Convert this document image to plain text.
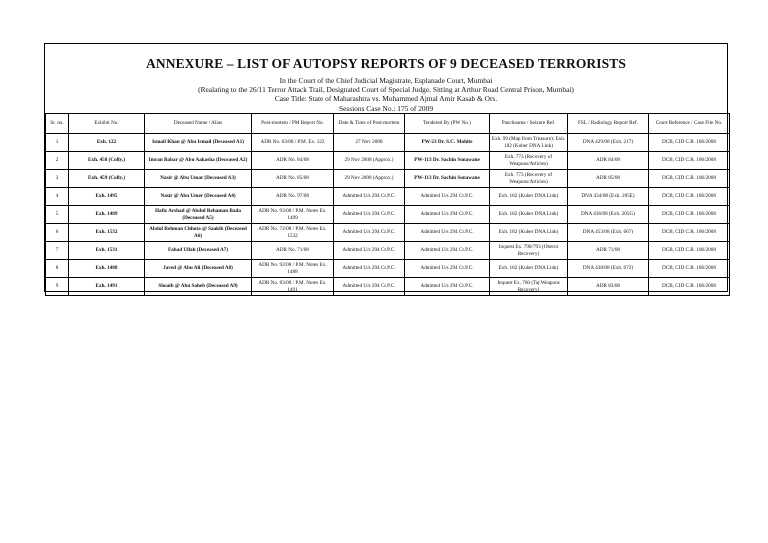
ANNEXURE – LIST OF AUTOPSY REPORTS OF 9 DECEASED TERRORISTS
In the Court of the Chief Judicial Magistrate, Esplanade Court, Mumbai
(Realating to the 26/11 Terror Attack Trail, Designated Court of Special Judge, Sitting at Arthur Road Central Prison, Mumbai)
Case Title: State of Maharashtra vs. Mohammed Ajmal Amir Kasab & Ors.
Sessions Case No.: 175 of 2009
Sr. no.	Exhibit No.	Deceased Name / Alias	Post-mortem / PM Report No.	Date & Time of Post-mortem	Tendered By (PW No.)	Panchnama / Seizure Ref.	FSL / Radiology Report Ref.	Court Reference / Case File No.
1	Exh. 122	Ismail Khan @ Abu Ismail (Deceased A1)	ADR No. 63/08 / P.M. Ex. 122	27 Nov 2008	PW-23 Dr. S.C. Mohite	Exh. 99 (Map from Treasure); Exh. 182 (Kuber DNA Link)	DNA 429/08 (Exh. 217)	DCB, CID C.R. 186/2008
2	Exh. 458 (Colly.)	Imran Babar @ Abu Aakasha (Deceased A2)	ADR No. 84/08	29 Nov 2008 (Approx.)	PW-113 Dr. Sachin Sonawane	Exh. 773 (Recovery of Weapons/Articles)	ADR 84/08	DCB, CID C.R. 186/2008
3	Exh. 459 (Colly.)	Nasir @ Abu Umar (Deceased A3)	ADR No. 85/08	29 Nov 2008 (Approx.)	PW-113 Dr. Sachin Sonawane	Exh. 773 (Recovery of Weapons/Articles)	ADR 85/08	DCB, CID C.R. 186/2008
4	Exh. 1495	Nasir @ Abu Umer (Deceased A4)	ADR No. 97/08	Admitted U/s 294 Cr.P.C.	Admitted U/s 294 Cr.P.C.	Exh. 182 (Kuber DNA Link)	DNA 434/08 (Exh. 205E)	DCB, CID C.R. 186/2008
5	Exh. 1489	Hafiz Arshad @ Abdul Rehaman Bada (Deceased A5)	ADR No. 93/08 / P.M. Notes Ex. 1489	Admitted U/s 294 Cr.P.C.	Admitted U/s 294 Cr.P.C.	Exh. 182 (Kuber DNA Link)	DNA 436/08 (Exh. 205G)	DCB, CID C.R. 186/2008
6	Exh. 1532	Abdul Rehman Chhota @ Saakib (Deceased A6)	ADR No. 72/08 / P.M. Notes Ex. 1532	Admitted U/s 294 Cr.P.C.	Admitted U/s 294 Cr.P.C.	Exh. 182 (Kuber DNA Link)	DNA 453/08 (Exh. 667)	DCB, CID C.R. 186/2008
7	Exh. 1531	Fahad Ullah (Deceased A7)	ADR No. 71/08	Admitted U/s 294 Cr.P.C.	Admitted U/s 294 Cr.P.C.	Inquest Ex. 790/793 (Oberoi Recovery)	ADR 71/08	DCB, CID C.R. 186/2008
8	Exh. 1488	Javed @ Abu Ali (Deceased A8)	ADR No. 92/08 / P.M. Notes Ex. 1488	Admitted U/s 294 Cr.P.C.	Admitted U/s 294 Cr.P.C.	Exh. 182 (Kuber DNA Link)	DNA 438/08 (Exh. 672)	DCB, CID C.R. 186/2008
9	Exh. 1491	Shoaib @ Abu Soheb (Deceased A9)	ADR No. 83/08 / P.M. Notes Ex. 1491	Admitted U/s 294 Cr.P.C.	Admitted U/s 294 Cr.P.C.	Inquest Ex. 760 (Taj Weapons Recovery)	ADR 83/08	DCB, CID C.R. 186/2008
